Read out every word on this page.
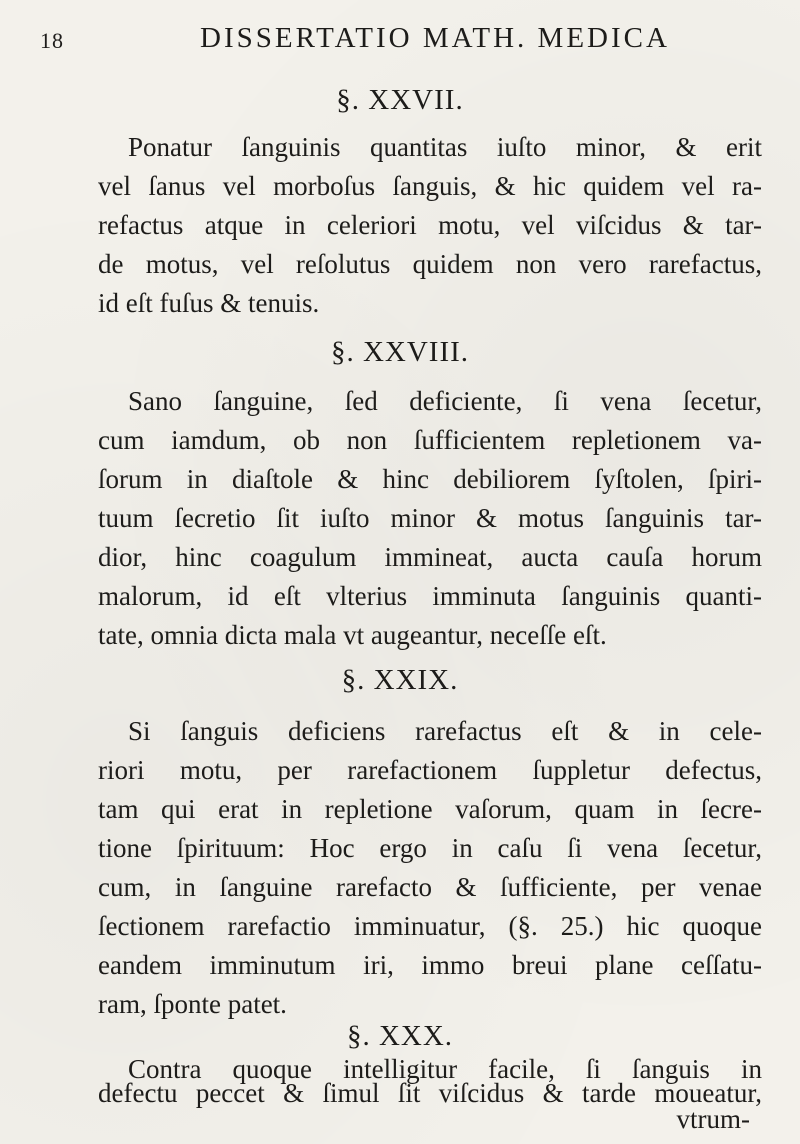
18	DISSERTATIO MATH. MEDICA
§. XXVII.
Ponatur ſanguinis quantitas iuſto minor, & erit
vel ſanus vel morboſus ſanguis, & hic quidem vel ra-
refactus atque in celeriori motu, vel viſcidus & tar-
de motus, vel reſolutus quidem non vero rarefactus,
id eſt fuſus & tenuis.
§. XXVIII.
Sano ſanguine, ſed deficiente, ſi vena ſecetur,
cum iamdum, ob non ſufficientem repletionem va-
ſorum in diaſtole & hinc debiliorem ſyſtolen, ſpiri-
tuum ſecretio ſit iuſto minor & motus ſanguinis tar-
dior, hinc coagulum immineat, aucta cauſa horum
malorum, id eſt vlterius imminuta ſanguinis quanti-
tate, omnia dicta mala vt augeantur, neceſſe eſt.
§. XXIX.
Si ſanguis deficiens rarefactus eſt & in cele-
riori motu, per rarefactionem ſuppletur defectus,
tam qui erat in repletione vaſorum, quam in ſecre-
tione ſpirituum: Hoc ergo in caſu ſi vena ſecetur,
cum, in ſanguine rarefacto & ſufficiente, per venae
ſectionem rarefactio imminuatur, (§. 25.) hic quoque
eandem imminutum iri, immo breui plane ceſſatu-
ram, ſponte patet.
§. XXX.
Contra quoque intelligitur facile, ſi ſanguis in
defectu peccet & ſimul ſit viſcidus & tarde moueatur,
vtrum-
